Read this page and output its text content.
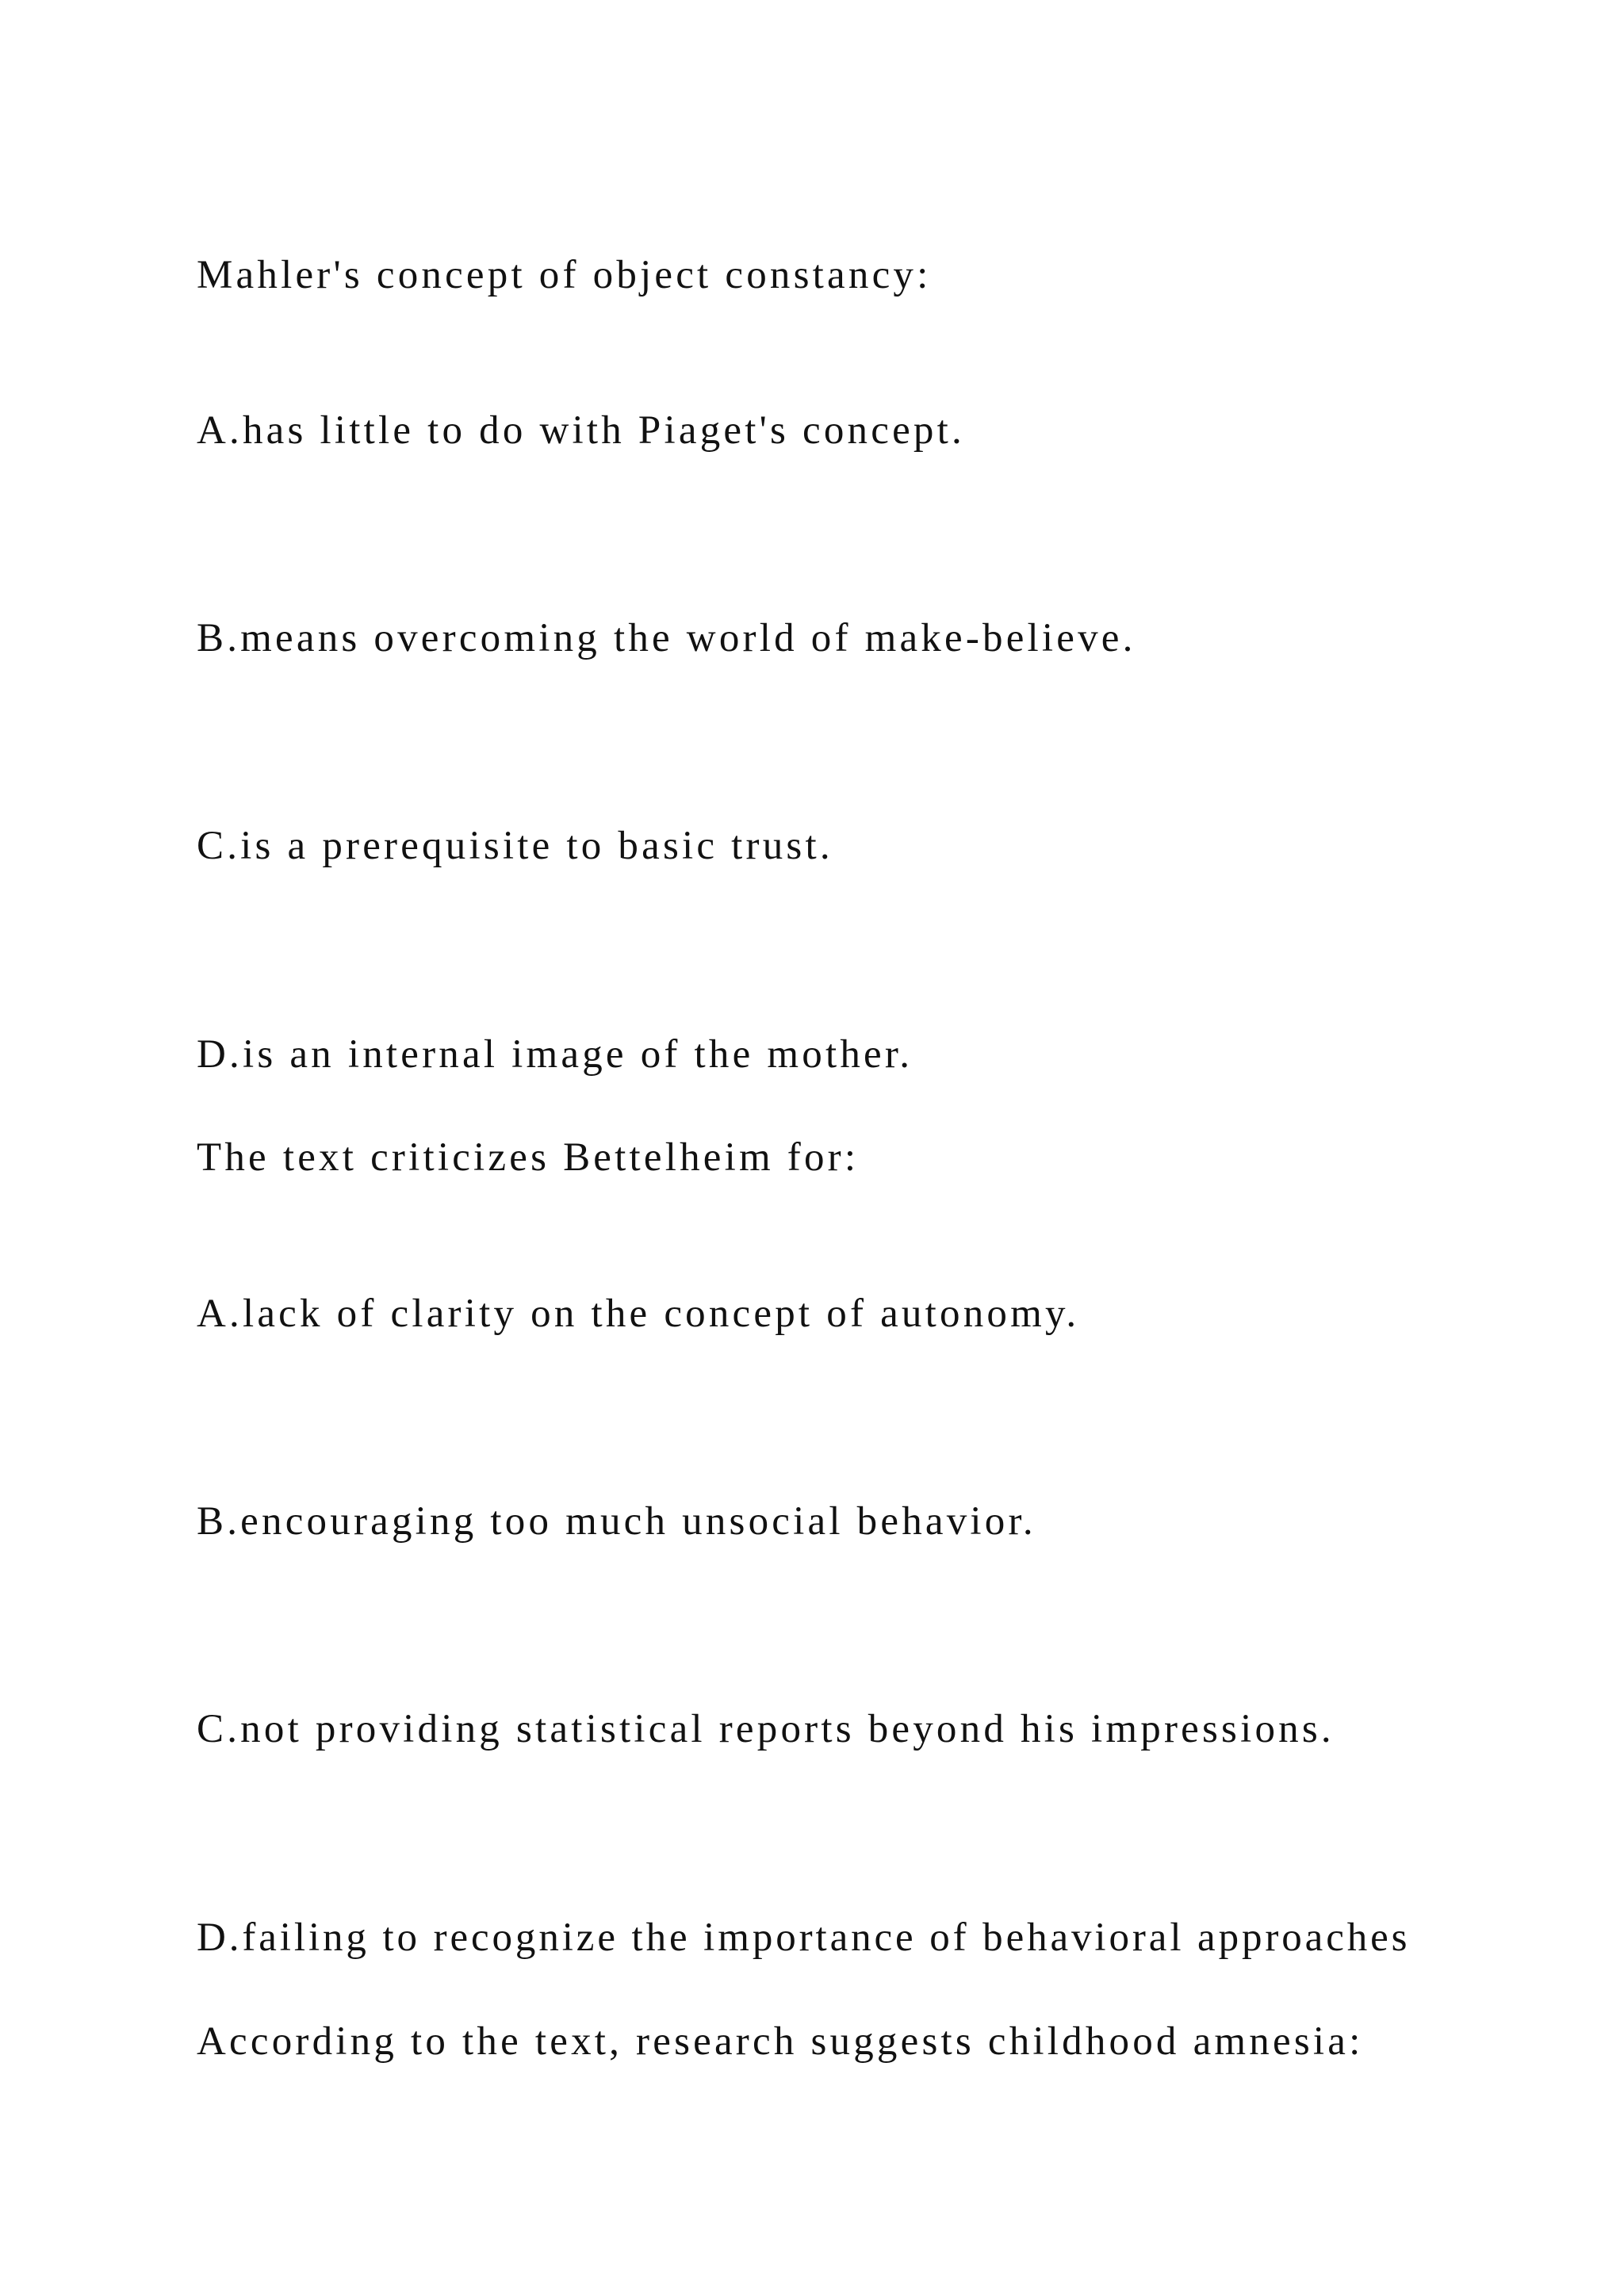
Mahler's concept of object constancy:

A.has little to do with Piaget's concept.

B.means overcoming the world of make-believe.

C.is a prerequisite to basic trust.

D.is an internal image of the mother.

The text criticizes Bettelheim for:

A.lack of clarity on the concept of autonomy.

B.encouraging too much unsocial behavior.

C.not providing statistical reports beyond his impressions.

D.failing to recognize the importance of behavioral approaches

According to the text, research suggests childhood amnesia:
